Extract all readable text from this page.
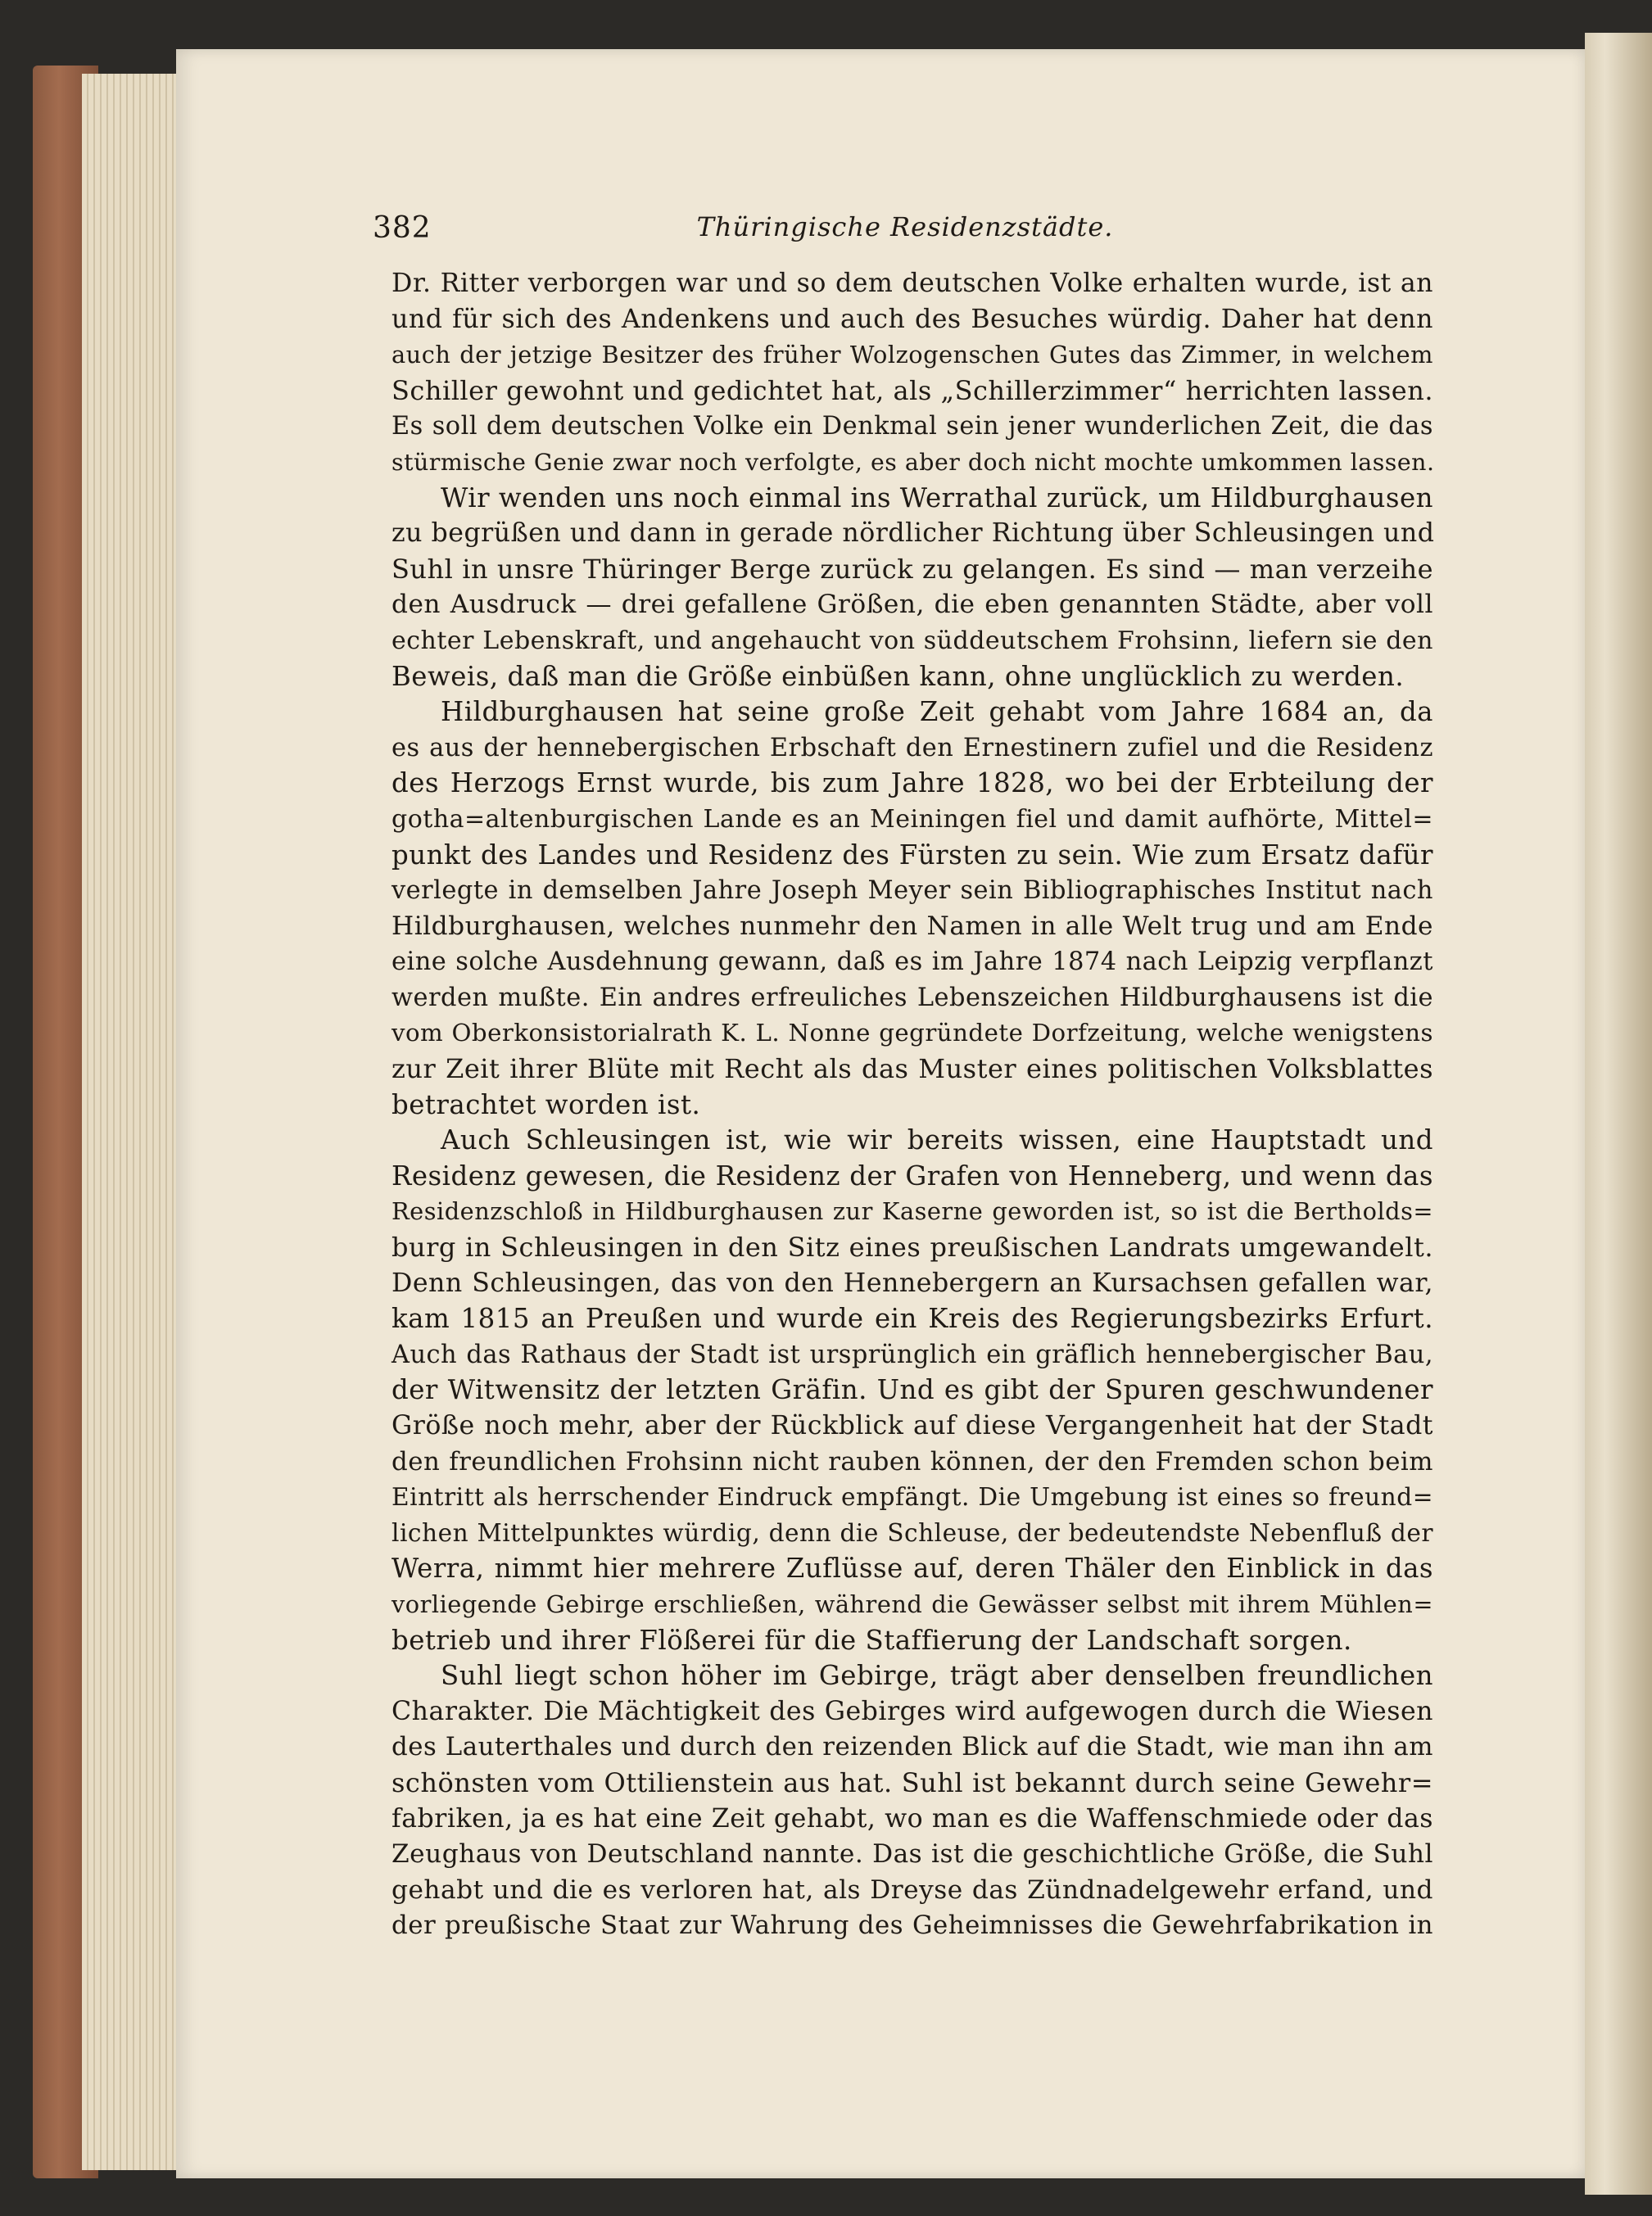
382	Thüringische Residenzstädte.
Dr. Ritter verborgen war und so dem deutschen Volke erhalten wurde, ist an
und für sich des Andenkens und auch des Besuches würdig. Daher hat denn
auch der jetzige Besitzer des früher Wolzogenschen Gutes das Zimmer, in welchem
Schiller gewohnt und gedichtet hat, als „Schillerzimmer“ herrichten lassen.
Es soll dem deutschen Volke ein Denkmal sein jener wunderlichen Zeit, die das
stürmische Genie zwar noch verfolgte, es aber doch nicht mochte umkommen lassen.
Wir wenden uns noch einmal ins Werrathal zurück, um Hildburghausen
zu begrüßen und dann in gerade nördlicher Richtung über Schleusingen und
Suhl in unsre Thüringer Berge zurück zu gelangen. Es sind — man verzeihe
den Ausdruck — drei gefallene Größen, die eben genannten Städte, aber voll
echter Lebenskraft, und angehaucht von süddeutschem Frohsinn, liefern sie den
Beweis, daß man die Größe einbüßen kann, ohne unglücklich zu werden.
Hildburghausen hat seine große Zeit gehabt vom Jahre 1684 an, da
es aus der hennebergischen Erbschaft den Ernestinern zufiel und die Residenz
des Herzogs Ernst wurde, bis zum Jahre 1828, wo bei der Erbteilung der
gotha=altenburgischen Lande es an Meiningen fiel und damit aufhörte, Mittel=
punkt des Landes und Residenz des Fürsten zu sein. Wie zum Ersatz dafür
verlegte in demselben Jahre Joseph Meyer sein Bibliographisches Institut nach
Hildburghausen, welches nunmehr den Namen in alle Welt trug und am Ende
eine solche Ausdehnung gewann, daß es im Jahre 1874 nach Leipzig verpflanzt
werden mußte. Ein andres erfreuliches Lebenszeichen Hildburghausens ist die
vom Oberkonsistorialrath K. L. Nonne gegründete Dorfzeitung, welche wenigstens
zur Zeit ihrer Blüte mit Recht als das Muster eines politischen Volksblattes
betrachtet worden ist.
Auch Schleusingen ist, wie wir bereits wissen, eine Hauptstadt und
Residenz gewesen, die Residenz der Grafen von Henneberg, und wenn das
Residenzschloß in Hildburghausen zur Kaserne geworden ist, so ist die Bertholds=
burg in Schleusingen in den Sitz eines preußischen Landrats umgewandelt.
Denn Schleusingen, das von den Hennebergern an Kursachsen gefallen war,
kam 1815 an Preußen und wurde ein Kreis des Regierungsbezirks Erfurt.
Auch das Rathaus der Stadt ist ursprünglich ein gräflich hennebergischer Bau,
der Witwensitz der letzten Gräfin. Und es gibt der Spuren geschwundener
Größe noch mehr, aber der Rückblick auf diese Vergangenheit hat der Stadt
den freundlichen Frohsinn nicht rauben können, der den Fremden schon beim
Eintritt als herrschender Eindruck empfängt. Die Umgebung ist eines so freund=
lichen Mittelpunktes würdig, denn die Schleuse, der bedeutendste Nebenfluß der
Werra, nimmt hier mehrere Zuflüsse auf, deren Thäler den Einblick in das
vorliegende Gebirge erschließen, während die Gewässer selbst mit ihrem Mühlen=
betrieb und ihrer Flößerei für die Staffierung der Landschaft sorgen.
Suhl liegt schon höher im Gebirge, trägt aber denselben freundlichen
Charakter. Die Mächtigkeit des Gebirges wird aufgewogen durch die Wiesen
des Lauterthales und durch den reizenden Blick auf die Stadt, wie man ihn am
schönsten vom Ottilienstein aus hat. Suhl ist bekannt durch seine Gewehr=
fabriken, ja es hat eine Zeit gehabt, wo man es die Waffenschmiede oder das
Zeughaus von Deutschland nannte. Das ist die geschichtliche Größe, die Suhl
gehabt und die es verloren hat, als Dreyse das Zündnadelgewehr erfand, und
der preußische Staat zur Wahrung des Geheimnisses die Gewehrfabrikation in
